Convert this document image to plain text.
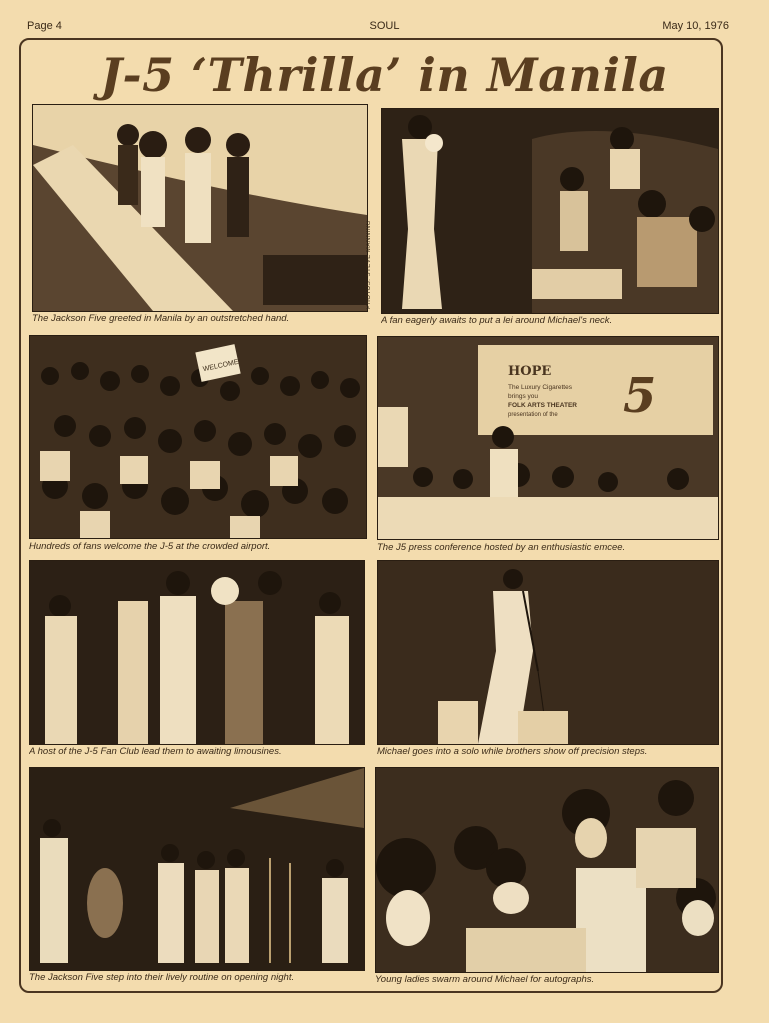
Page 4	SOUL	May 10, 1976
J-5 ‘Thrilla’ in Manila
The Jackson Five greeted in Manila by an outstretched hand.
PHOTOS: STEVE MANNING
A fan eagerly awaits to put a lei around Michael's neck.
WELCOME
Hundreds of fans welcome the J-5 at the crowded airport.
HOPE
The Luxury Cigarettes
brings you
FOLK ARTS THEATER
presentation of the 5
The J5 press conference hosted by an enthusiastic emcee.
A host of the J-5 Fan Club lead them to awaiting limousines.	Michael goes into a solo while brothers show off precision steps.
The Jackson Five step into their lively routine on opening night.	Young ladies swarm around Michael for autographs.
